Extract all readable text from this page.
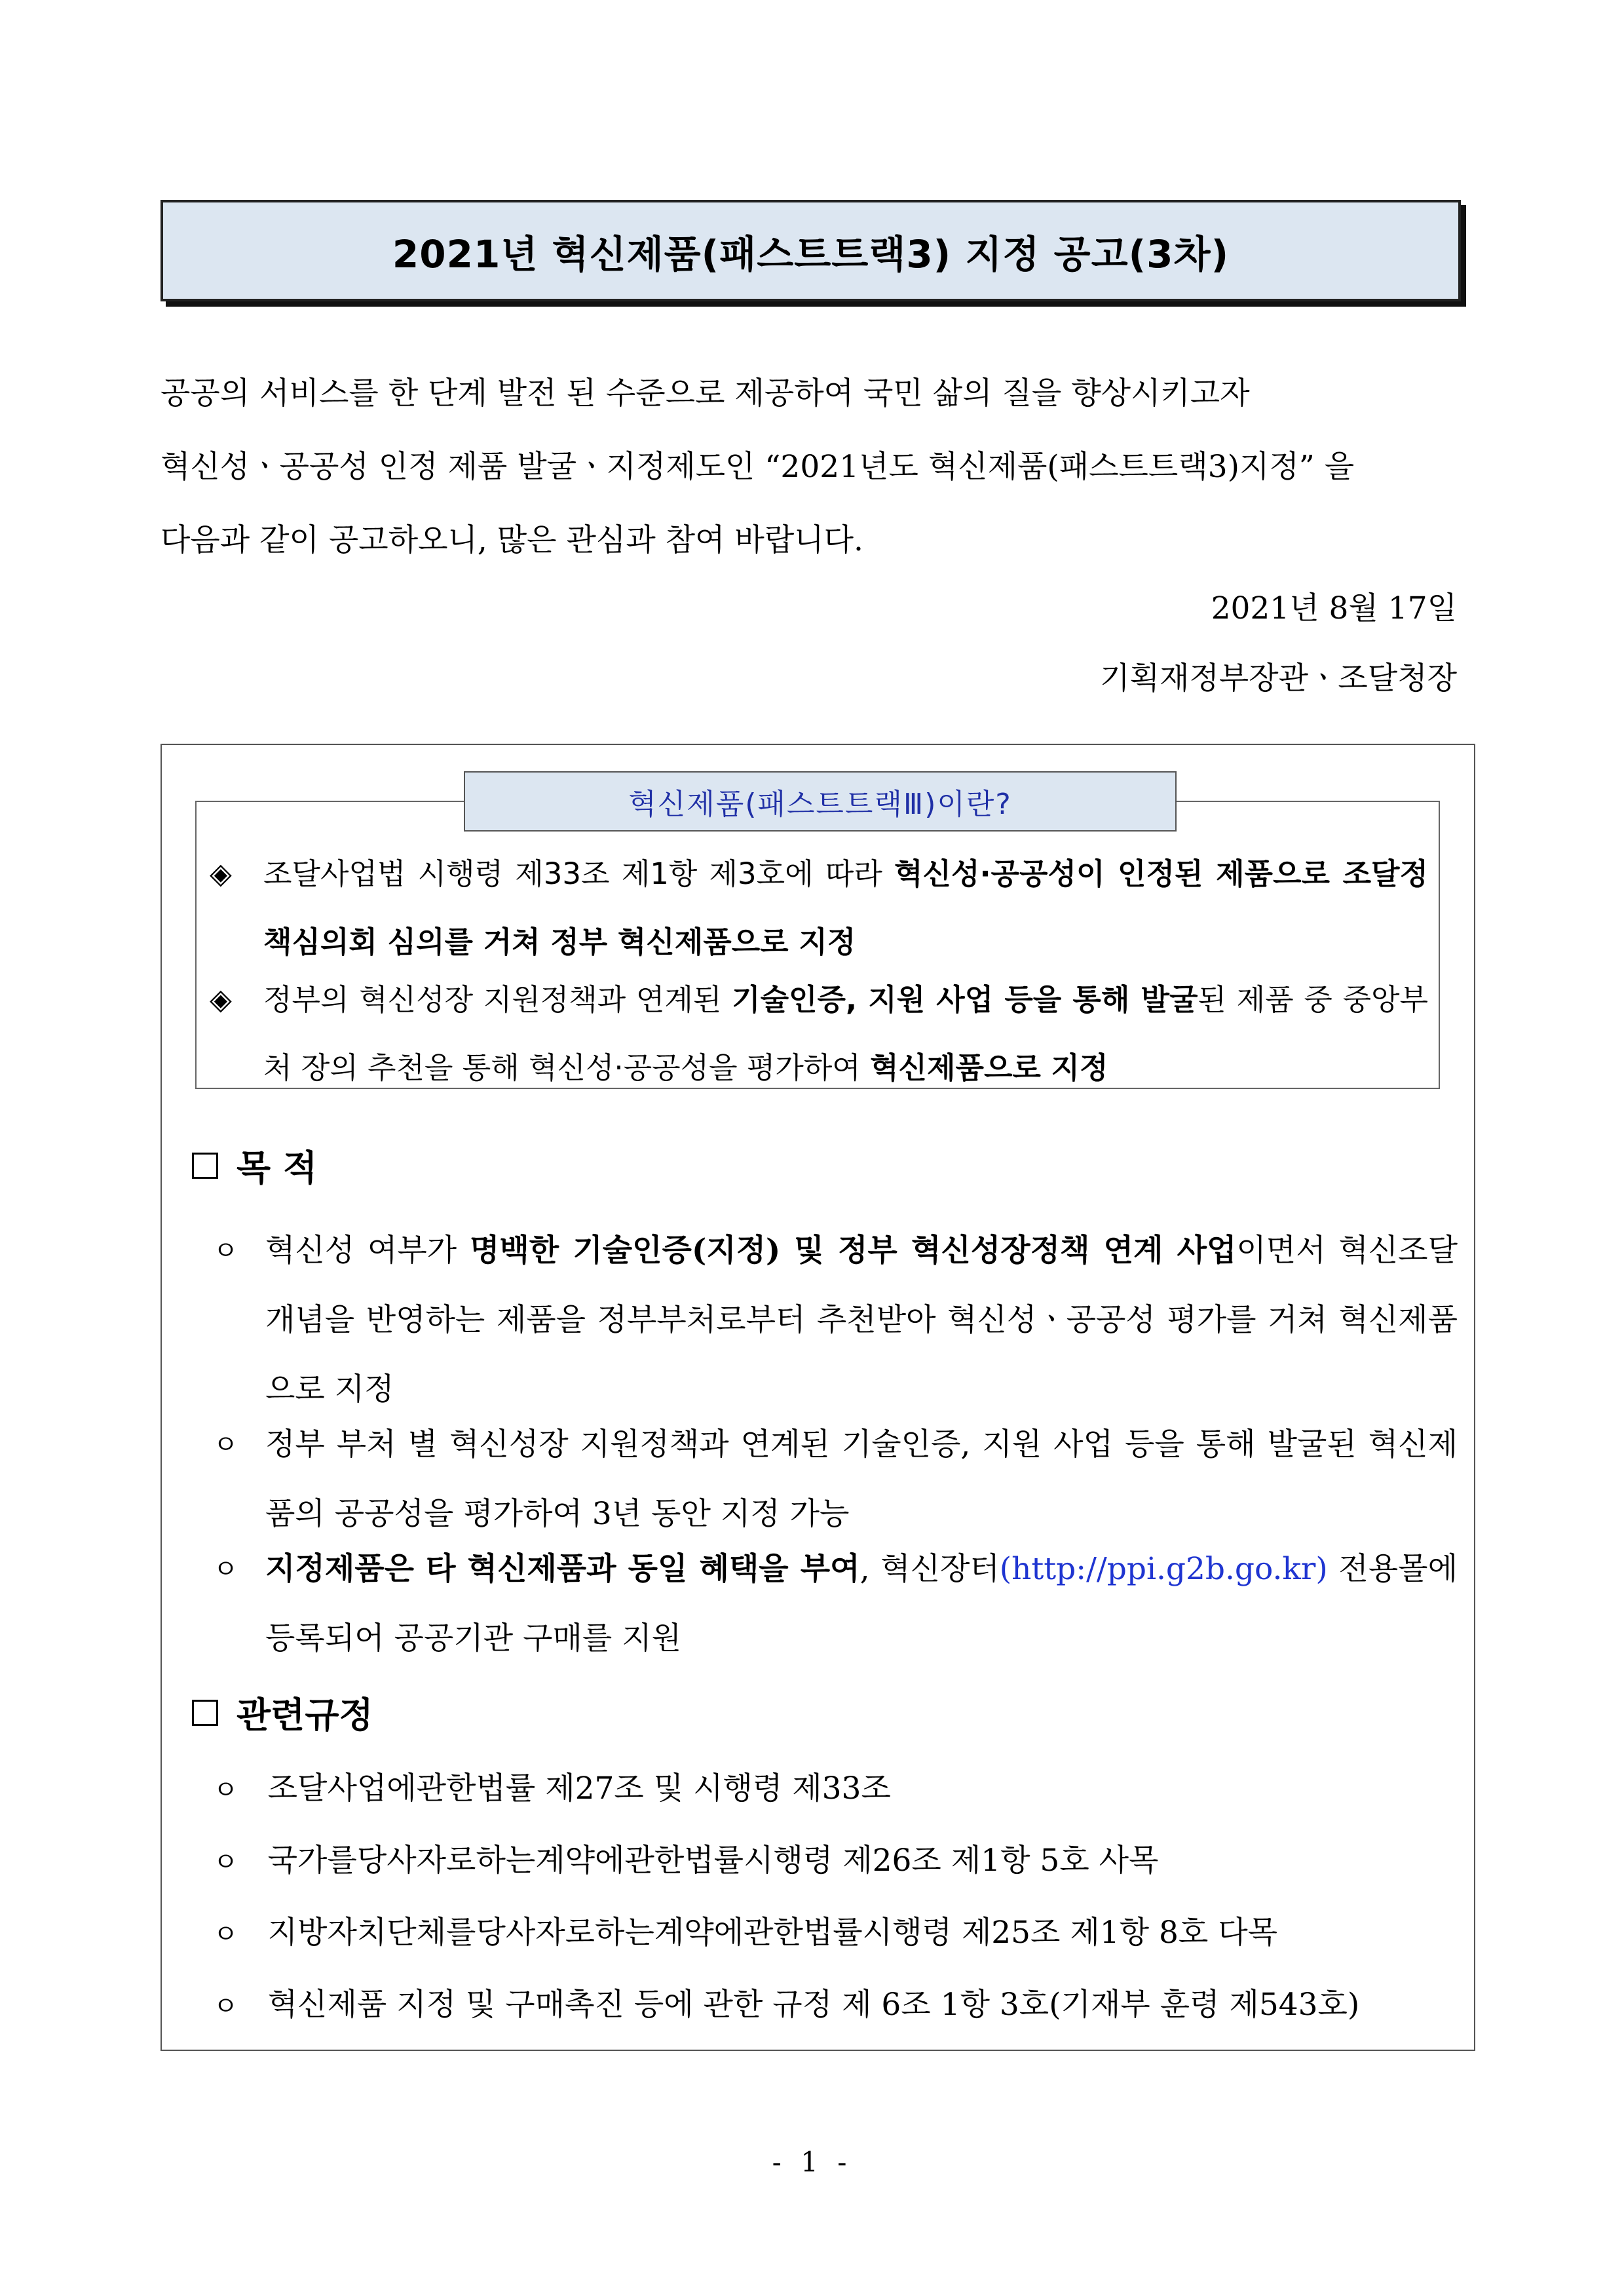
2021년 혁신제품(패스트트랙3) 지정 공고(3차)

공공의 서비스를 한 단계 발전 된 수준으로 제공하여 국민 삶의 질을 향상시키고자

혁신성ㆍ공공성 인정 제품 발굴ㆍ지정제도인 “2021년도 혁신제품(패스트트랙3)지정” 을

다음과 같이 공고하오니, 많은 관심과 참여 바랍니다.

2021년 8월 17일
기획재정부장관ㆍ조달청장
혁신제품(패스트트랙Ⅲ)이란?
◈ 조달사업법 시행령 제33조 제1항 제3호에 따라 혁신성·공공성이 인정된 제품으로 조달정책심의회 심의를 거쳐 정부 혁신제품으로 지정
◈ 정부의 혁신성장 지원정책과 연계된 기술인증, 지원 사업 등을 통해 발굴된 제품 중 중앙부처 장의 추천을 통해 혁신성·공공성을 평가하여 혁신제품으로 지정
목 적
ㅇ 혁신성 여부가 명백한 기술인증(지정) 및 정부 혁신성장정책 연계 사업이면서 혁신조달 개념을 반영하는 제품을 정부부처로부터 추천받아 혁신성ㆍ공공성 평가를 거쳐 혁신제품으로 지정
ㅇ 정부 부처 별 혁신성장 지원정책과 연계된 기술인증, 지원 사업 등을 통해 발굴된 혁신제품의 공공성을 평가하여 3년 동안 지정 가능
ㅇ 지정제품은 타 혁신제품과 동일 혜택을 부여, 혁신장터(http://ppi.g2b.go.kr) 전용몰에 등록되어 공공기관 구매를 지원
관련규정
ㅇ 조달사업에관한법률 제27조 및 시행령 제33조
ㅇ 국가를당사자로하는계약에관한법률시행령 제26조 제1항 5호 사목
ㅇ 지방자치단체를당사자로하는계약에관한법률시행령 제25조 제1항 8호 다목
ㅇ 혁신제품 지정 및 구매촉진 등에 관한 규정 제 6조 1항 3호(기재부 훈령 제543호)
- 1 -
